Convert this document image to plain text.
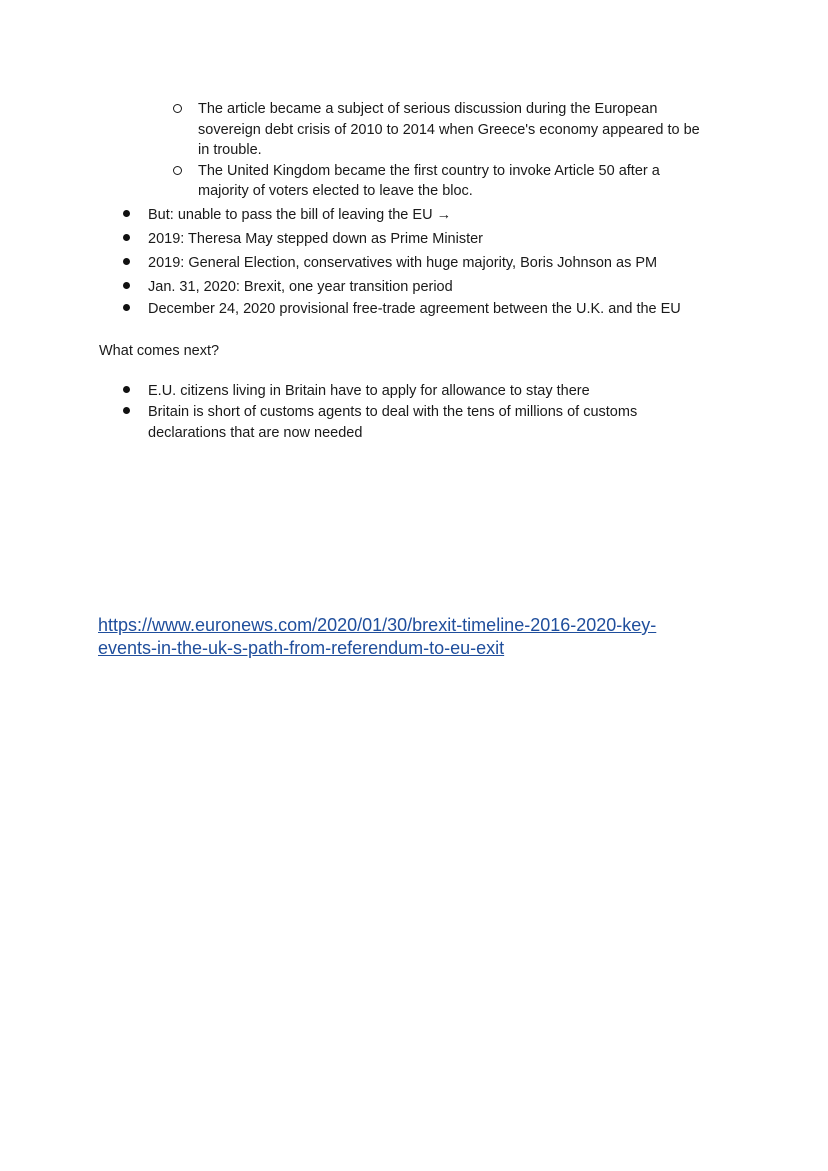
The article became a subject of serious discussion during the European
sovereign debt crisis of 2010 to 2014 when Greece's economy appeared to be
in trouble.
The United Kingdom became the first country to invoke Article 50 after a
majority of voters elected to leave the bloc.
But: unable to pass the bill of leaving the EU →
2019: Theresa May stepped down as Prime Minister
2019: General Election, conservatives with huge majority, Boris Johnson as PM
Jan. 31, 2020: Brexit, one year transition period
December 24, 2020 provisional free-trade agreement between the U.K. and the EU
What comes next?
E.U. citizens living in Britain have to apply for allowance to stay there
Britain is short of customs agents to deal with the tens of millions of customs
declarations that are now needed
https://www.euronews.com/2020/01/30/brexit-timeline-2016-2020-key-
events-in-the-uk-s-path-from-referendum-to-eu-exit
